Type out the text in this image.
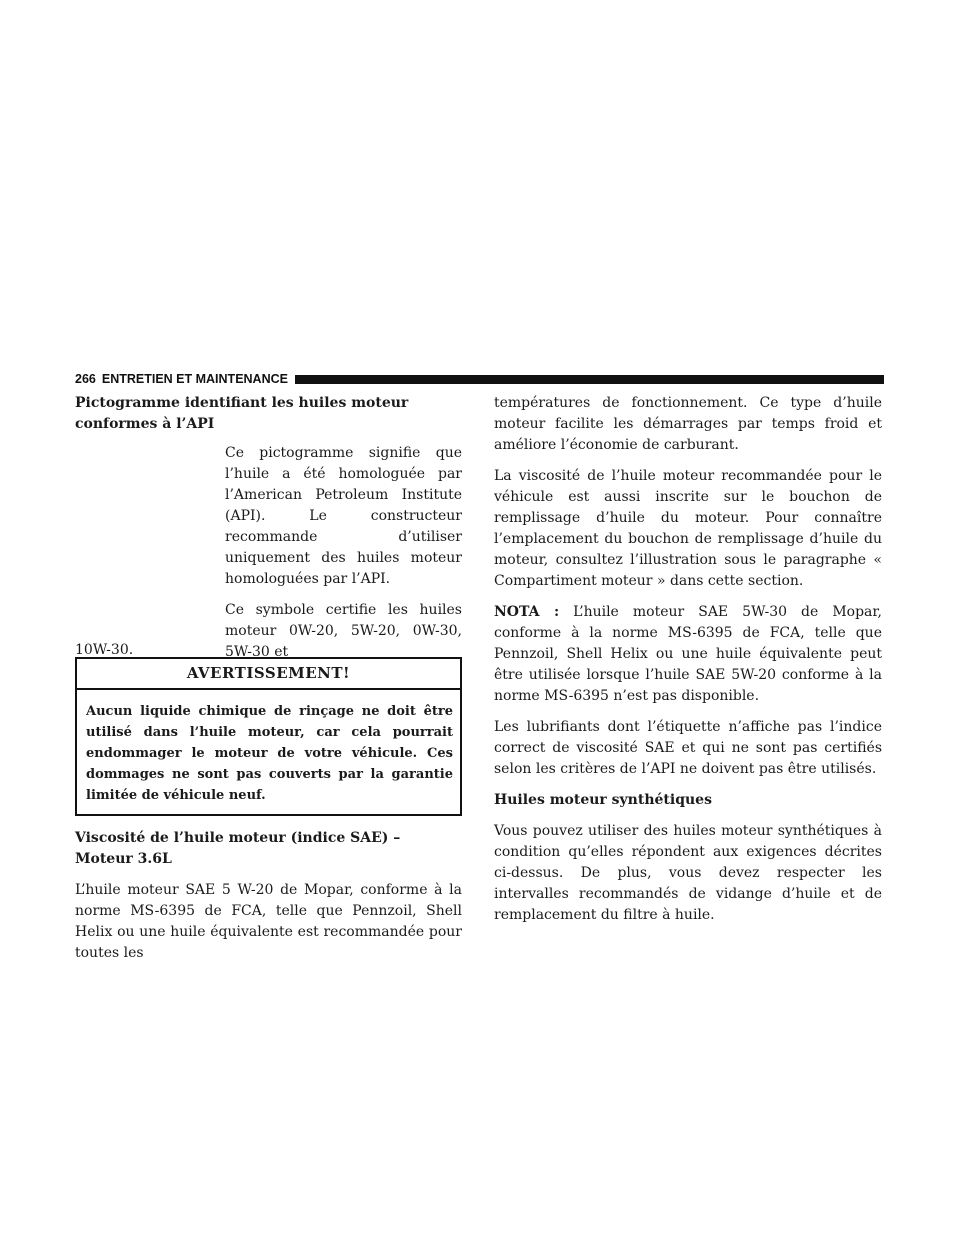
266 ENTRETIEN ET MAINTENANCE

Pictogramme identifiant les huiles moteur conformes à l’API

Ce pictogramme signifie que l’huile a été homologuée par l’American Petroleum Institute (API). Le constructeur recommande d’utiliser uniquement des huiles moteur homologuées par l’API.

Ce symbole certifie les huiles moteur 0W-20, 5W-20, 0W-30, 5W-30 et

10W-30.
AVERTISSEMENT!
Aucun liquide chimique de rinçage ne doit être utilisé dans l’huile moteur, car cela pourrait endommager le moteur de votre véhicule. Ces dommages ne sont pas couverts par la garantie limitée de véhicule neuf.

Viscosité de l’huile moteur (indice SAE) –

Moteur 3.6L

L’huile moteur SAE 5 W-20 de Mopar, conforme à la norme MS-6395 de FCA, telle que Pennzoil, Shell Helix ou une huile équivalente est recommandée pour toutes les

températures de fonctionnement. Ce type d’huile moteur facilite les démarrages par temps froid et améliore l’économie de carburant.

La viscosité de l’huile moteur recommandée pour le véhicule est aussi inscrite sur le bouchon de remplissage d’huile du moteur. Pour connaître l’emplacement du bouchon de remplissage d’huile du moteur, consultez l’illustration sous le paragraphe « Compartiment moteur » dans cette section.

NOTA : L’huile moteur SAE 5W-30 de Mopar, conforme à la norme MS-6395 de FCA, telle que Pennzoil, Shell Helix ou une huile équivalente peut être utilisée lorsque l’huile SAE 5W-20 conforme à la norme MS-6395 n’est pas disponible.

Les lubrifiants dont l’étiquette n’affiche pas l’indice correct de viscosité SAE et qui ne sont pas certifiés selon les critères de l’API ne doivent pas être utilisés.

Huiles moteur synthétiques

Vous pouvez utiliser des huiles moteur synthétiques à condition qu’elles répondent aux exigences décrites ci-dessus. De plus, vous devez respecter les intervalles recommandés de vidange d’huile et de remplacement du filtre à huile.
